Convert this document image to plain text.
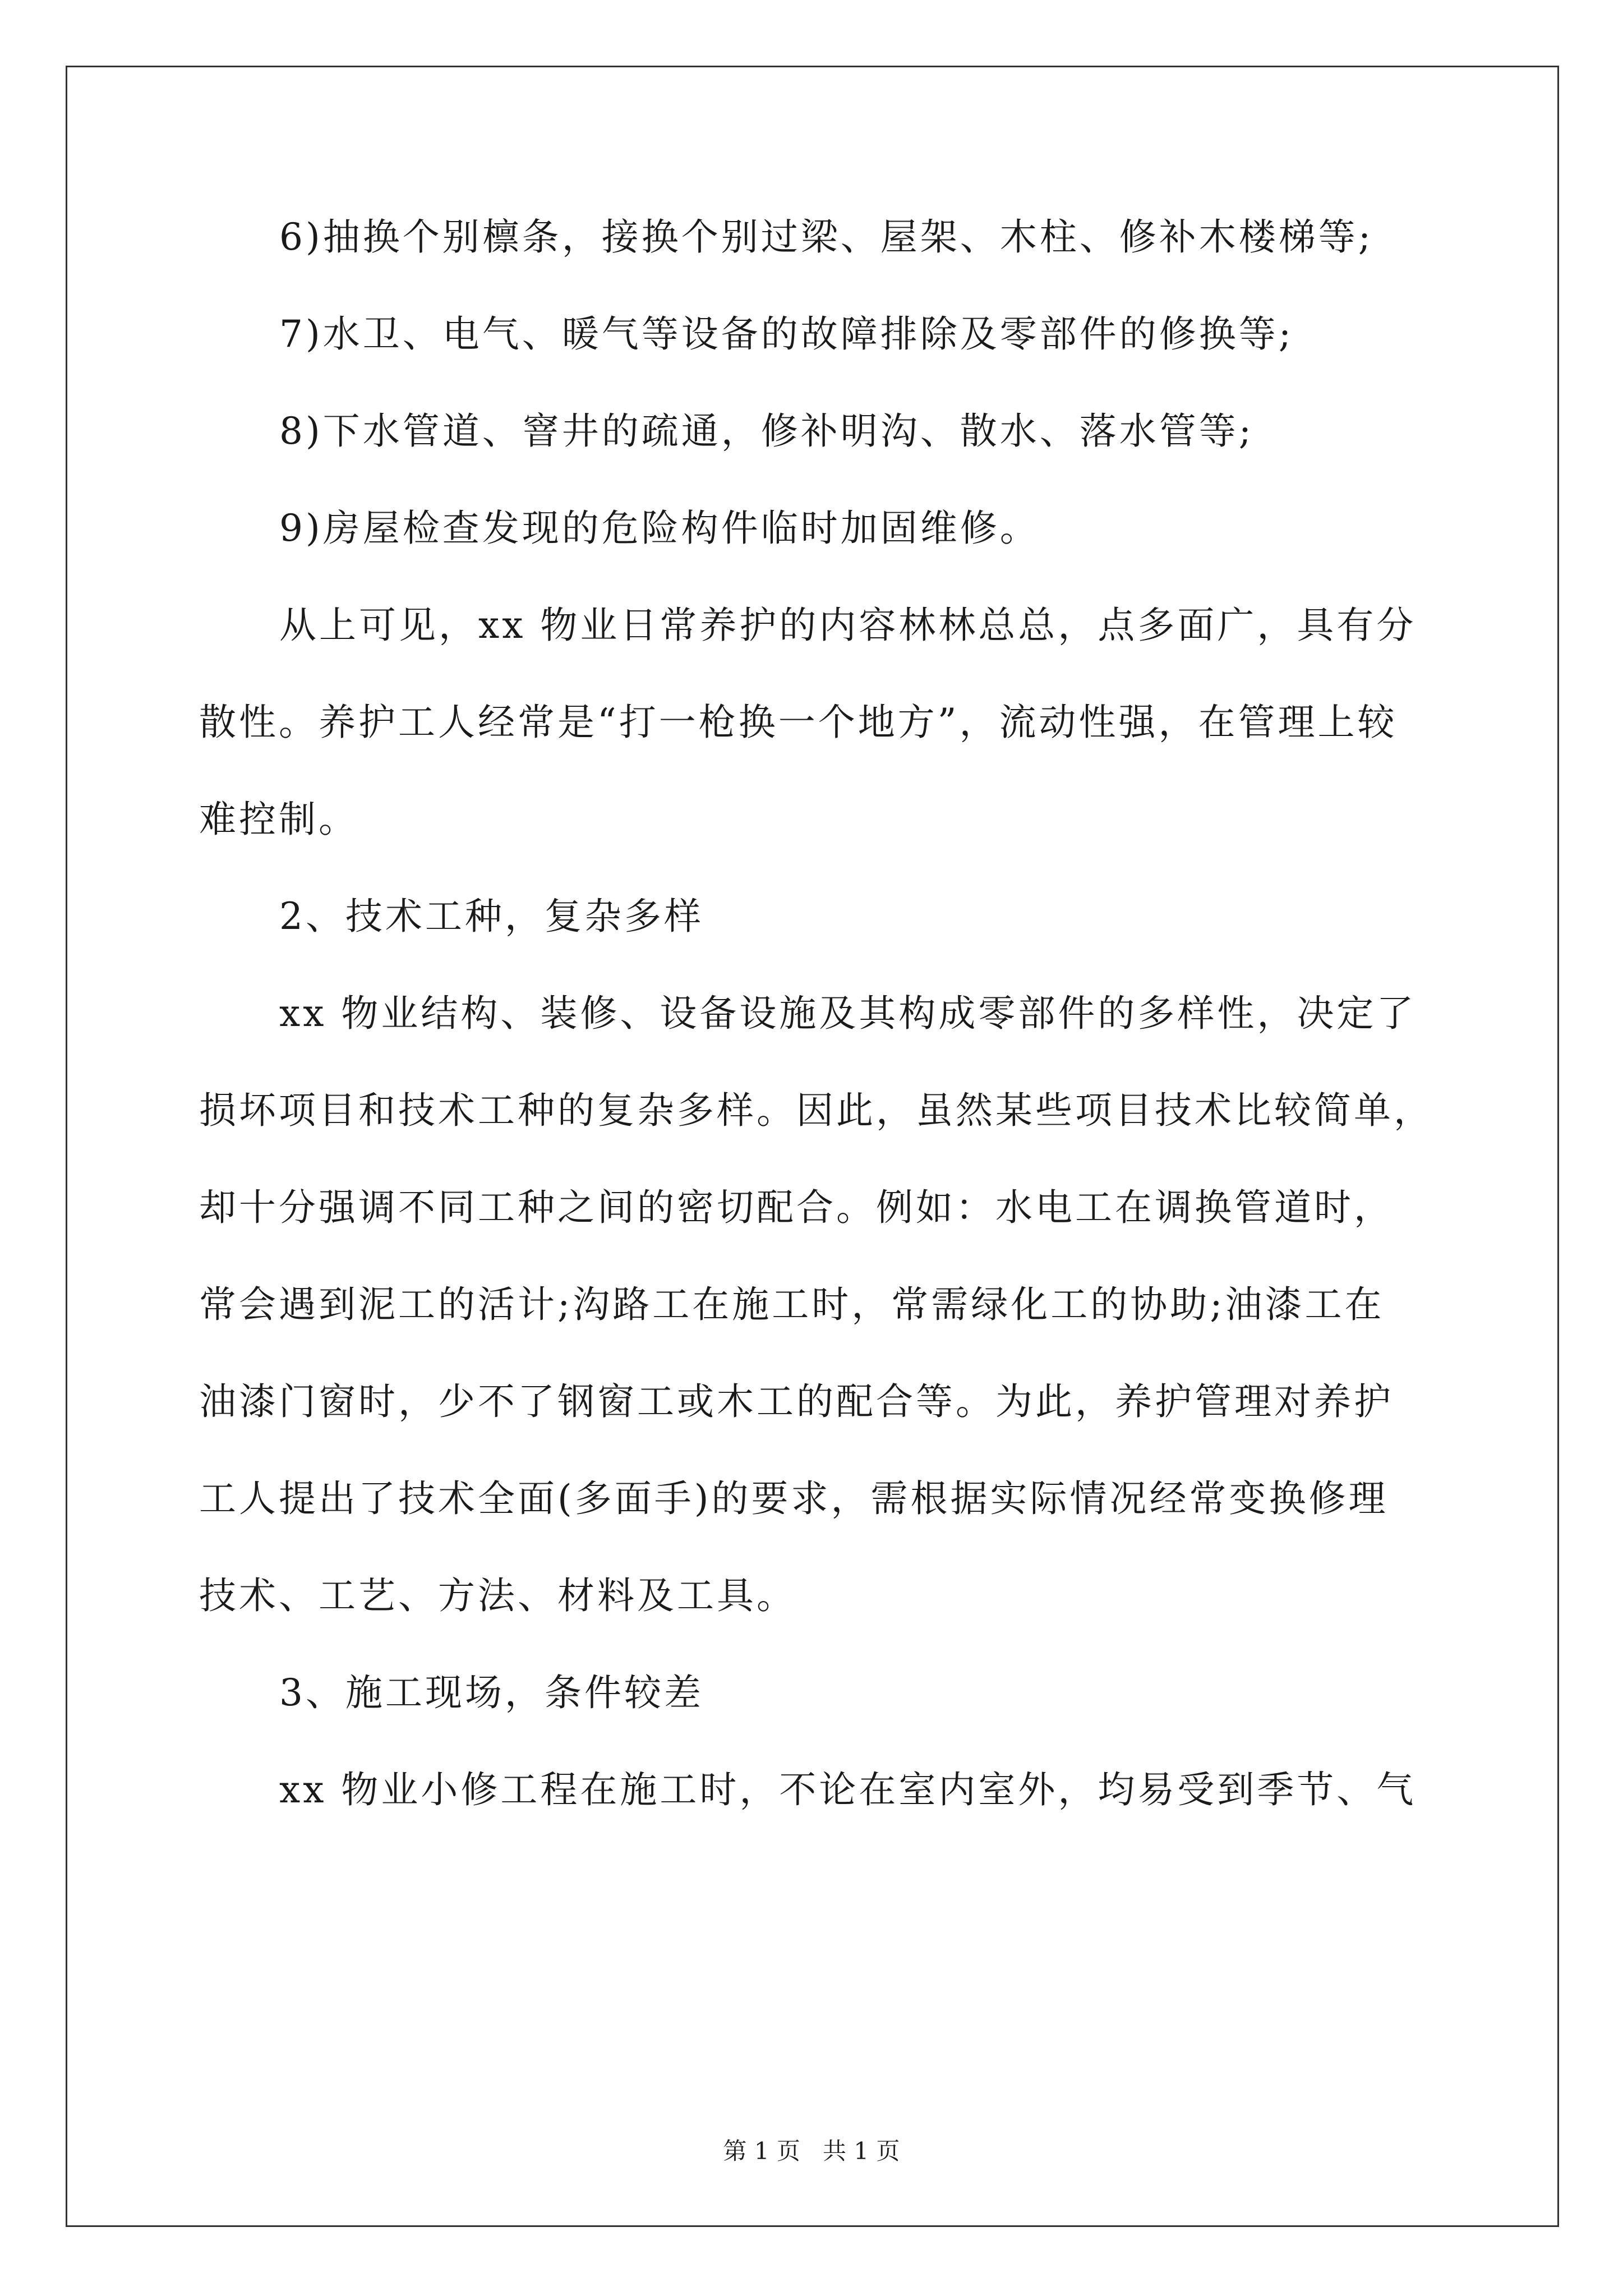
6)抽换个别檩条，接换个别过梁、屋架、木柱、修补木楼梯等;
7)水卫、电气、暖气等设备的故障排除及零部件的修换等;
8)下水管道、窨井的疏通，修补明沟、散水、落水管等;
9)房屋检查发现的危险构件临时加固维修。
从上可见，xx 物业日常养护的内容林林总总，点多面广，具有分
散性。养护工人经常是“打一枪换一个地方”，流动性强，在管理上较
难控制。
2、技术工种，复杂多样
xx 物业结构、装修、设备设施及其构成零部件的多样性，决定了
损坏项目和技术工种的复杂多样。因此，虽然某些项目技术比较简单，
却十分强调不同工种之间的密切配合。例如：水电工在调换管道时，
常会遇到泥工的活计;沟路工在施工时，常需绿化工的协助;油漆工在
油漆门窗时，少不了钢窗工或木工的配合等。为此，养护管理对养护
工人提出了技术全面(多面手)的要求，需根据实际情况经常变换修理
技术、工艺、方法、材料及工具。
3、施工现场，条件较差
xx 物业小修工程在施工时，不论在室内室外，均易受到季节、气
第 1 页   共 1 页
